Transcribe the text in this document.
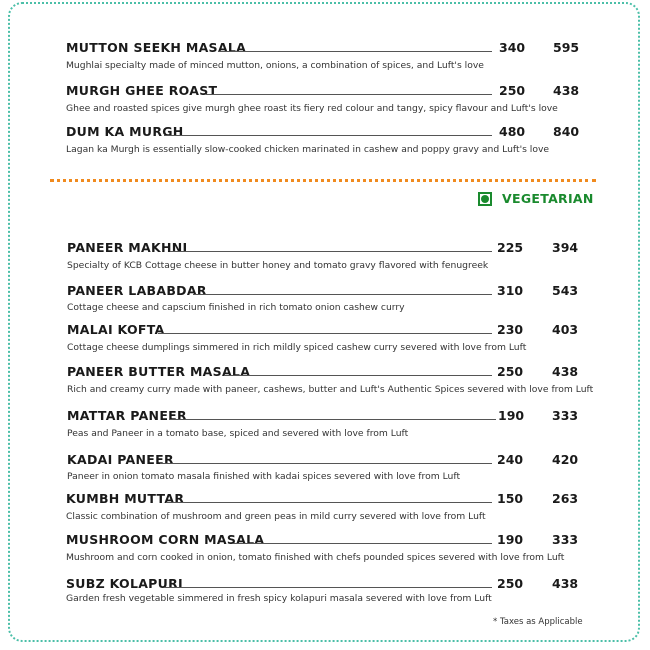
MUTTON SEEKH MASALA	340 595
Mughlai specialty made of minced mutton, onions, a combination of spices, and Luft's love
MURGH GHEE ROAST	250 438
Ghee and roasted spices give murgh ghee roast its fiery red colour and tangy, spicy flavour and Luft's love
DUM KA MURGH	480 840
Lagan ka Murgh is essentially slow-cooked chicken marinated in cashew and poppy gravy and Luft's love
VEGETARIAN
PANEER MAKHNI	225 394
Specialty of KCB Cottage cheese in butter honey and tomato gravy flavored with fenugreek
PANEER LABABDAR	310 543
Cottage cheese and capscium finished in rich tomato onion cashew curry
MALAI KOFTA	230 403
Cottage cheese dumplings simmered in rich mildly spiced cashew curry severed with love from Luft
PANEER BUTTER MASALA	250 438
Rich and creamy curry made with paneer, cashews, butter and Luft's Authentic Spices severed with love from Luft
MATTAR PANEER	190 333
Peas and Paneer in a tomato base, spiced and severed with love from Luft
KADAI PANEER	240 420
Paneer in onion tomato masala finished with kadai spices severed with love from Luft
KUMBH MUTTAR	150 263
Classic combination of mushroom and green peas in mild curry severed with love from Luft
MUSHROOM CORN MASALA	190 333
Mushroom and corn cooked in onion, tomato finished with chefs pounded spices severed with love from Luft
SUBZ KOLAPURI	250 438
Garden fresh vegetable simmered in fresh spicy kolapuri masala severed with love from Luft
* Taxes as Applicable
